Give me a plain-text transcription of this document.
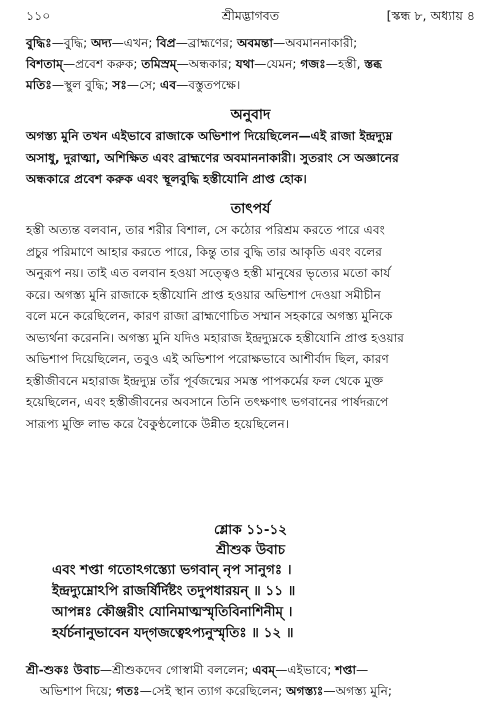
১১০	শ্রীমদ্ভাগবত	[স্কন্ধ ৮, অধ্যায় ৪

বুদ্ধিঃ—বুদ্ধি; অদ্য—এখন; বিপ্র—ব্রাহ্মণের; অবমন্তা—অবমাননাকারী;

বিশতাম্—প্রবেশ করুক; তমিস্রম্—অন্ধকার; যথা—যেমন; গজঃ—হস্তী, স্তব্ধ

মতিঃ—স্থুল বুদ্ধি; সঃ—সে; এব—বস্তুতপক্ষে।

অনুবাদ

অগস্ত্য মুনি তখন এইভাবে রাজাকে অভিশাপ দিয়েছিলেন—এই রাজা ইন্দ্রদ্যুম্ন

অসাধু, দুরাত্মা, অশিক্ষিত এবং ব্রাহ্মণের অবমাননাকারী। সুতরাং সে অজ্ঞানের

অন্ধকারে প্রবেশ করুক এবং স্থূলবুদ্ধি হস্তীযোনি প্রাপ্ত হোক।

তাৎপর্য

হস্তী অত্যন্ত বলবান, তার শরীর বিশাল, সে কঠোর পরিশ্রম করতে পারে এবং

প্রচুর পরিমাণে আহার করতে পারে, কিন্তু তার বুদ্ধি তার আকৃতি এবং বলের

অনুরূপ নয়। তাই এত বলবান হওয়া সত্ত্বেও হস্তী মানুষের ভৃত্যের মতো কার্য

করে। অগস্ত্য মুনি রাজাকে হস্তীযোনি প্রাপ্ত হওয়ার অভিশাপ দেওয়া সমীচীন

বলে মনে করেছিলেন, কারণ রাজা ব্রাহ্মণোচিত সম্মান সহকারে অগস্ত্য মুনিকে

অভ্যর্থনা করেননি। অগস্ত্য মুনি যদিও মহারাজ ইন্দ্রদ্যুম্নকে হস্তীযোনি প্রাপ্ত হওয়ার

অভিশাপ দিয়েছিলেন, তবুও এই অভিশাপ পরোক্ষভাবে আশীর্বাদ ছিল, কারণ

হস্তীজীবনে মহারাজ ইন্দ্রদ্যুম্ন তাঁর পূর্বজন্মের সমস্ত পাপকর্মের ফল থেকে মুক্ত

হয়েছিলেন, এবং হস্তীজীবনের অবসানে তিনি তৎক্ষণাৎ ভগবানের পার্ষদরূপে

সারূপ্য মুক্তি লাভ করে বৈকুণ্ঠলোকে উন্নীত হয়েছিলেন।

শ্লোক ১১-১২

শ্রীশুক উবাচ

এবং শপ্তা গতোঽগস্ত্যো ভগবান্ নৃপ সানুগঃ ।

ইন্দ্রদ্যুম্নোঽপি রাজর্ষির্দিষ্টং তদুপধারয়ন্ ॥ ১১ ॥

আপন্নঃ কৌঞ্জরীং যোনিমাত্মস্মৃতিবিনাশিনীম্ ।

হর্যর্চনানুভাবেন যদ্‌গজত্বেঽপ্যনুস্মৃতিঃ ॥ ১২ ॥

শ্রী-শুকঃ উবাচ—শ্রীশুকদেব গোস্বামী বললেন; এবম্—এইভাবে; শপ্তা—

অভিশাপ দিয়ে; গতঃ—সেই স্থান ত্যাগ করেছিলেন; অগস্ত্যঃ—অগস্ত্য মুনি;
